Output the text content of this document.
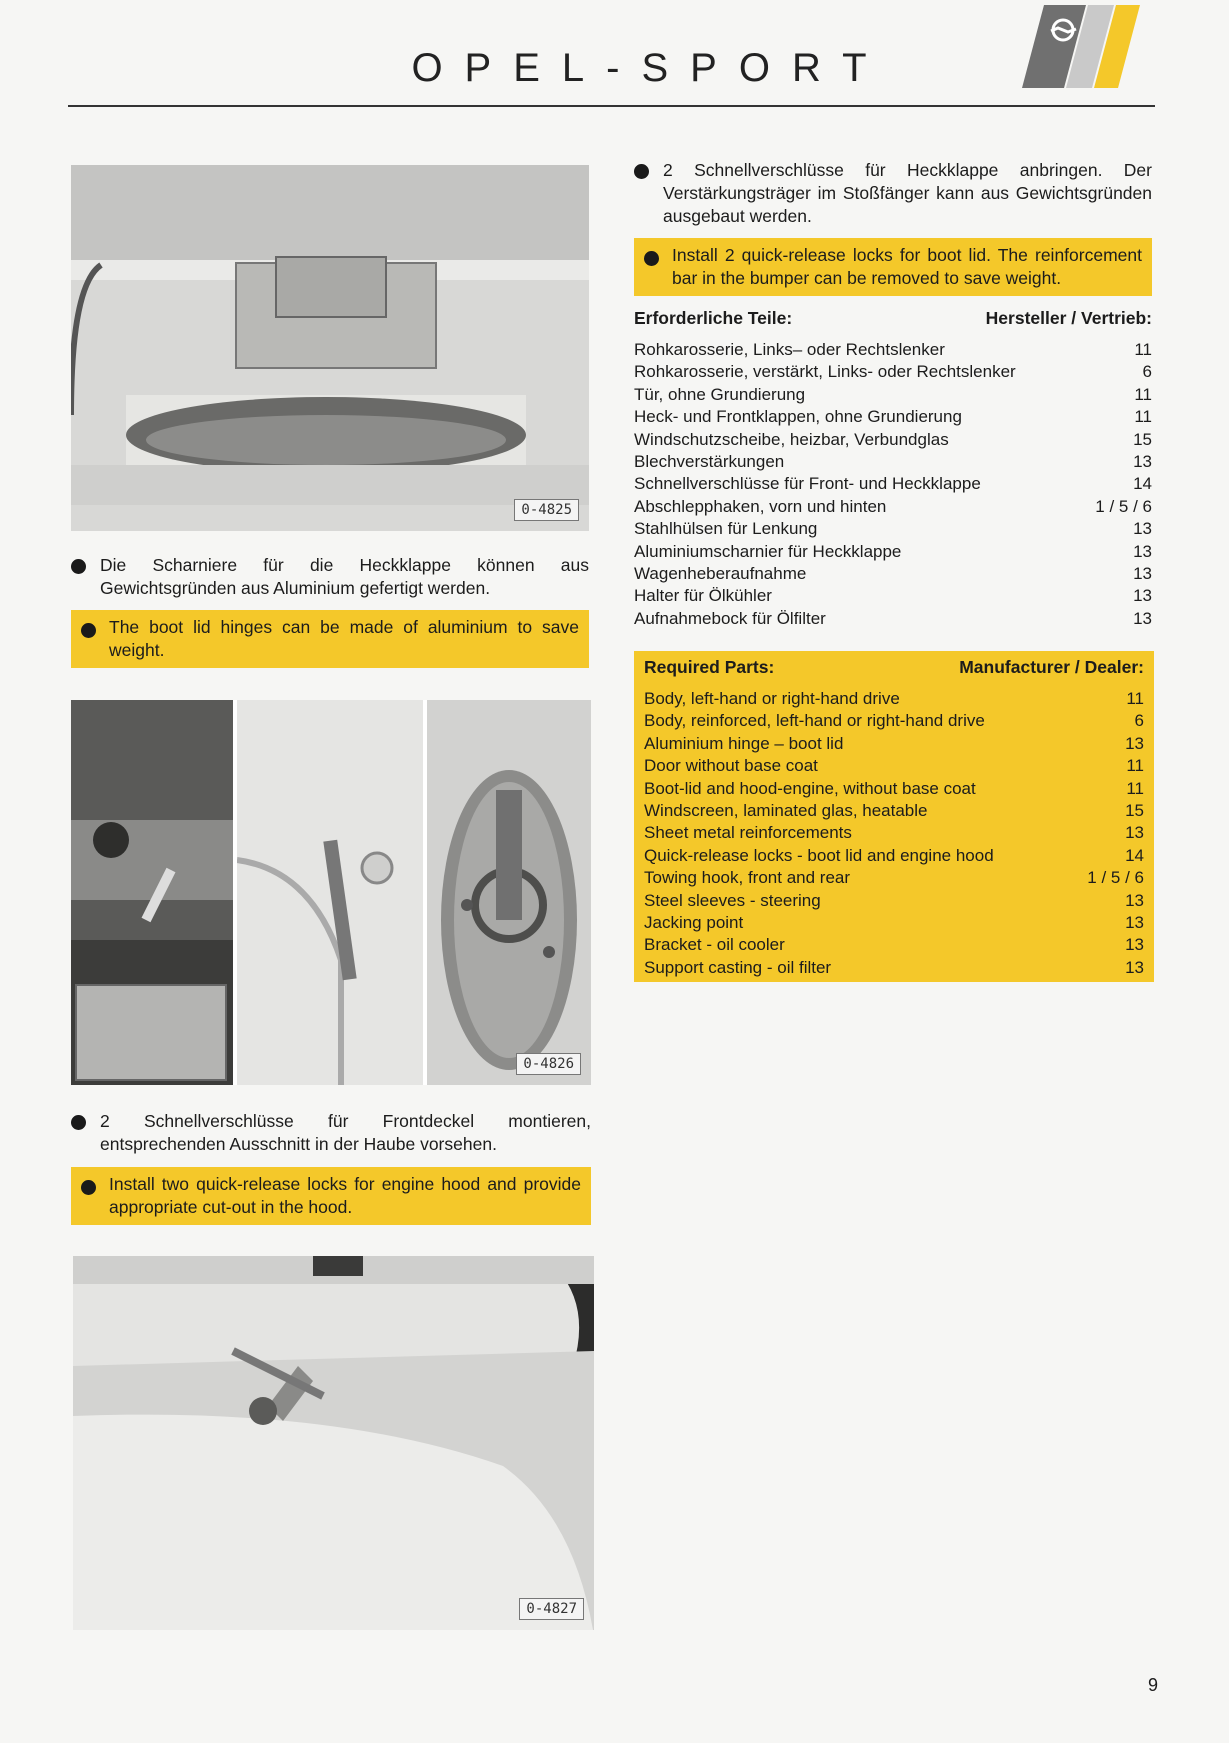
OPEL-SPORT
0-4825
Die Scharniere für die Heckklappe können aus Gewichtsgründen aus Aluminium gefertigt werden.
The boot lid hinges can be made of aluminium to save weight.
0-4826
2 Schnellverschlüsse für Frontdeckel montieren, entsprechenden Ausschnitt in der Haube vorsehen.
Install two quick-release locks for engine hood and provide appropriate cut-out in the hood.
0-4827
2 Schnellverschlüsse für Heckklappe anbringen. Der Verstärkungsträger im Stoßfänger kann aus Gewichtsgründen ausgebaut werden.
Install 2 quick-release locks for boot lid. The reinforcement bar in the bumper can be removed to save weight.
Erforderliche Teile:	Hersteller / Vertrieb:
Rohkarosserie, Links– oder Rechtslenker	11
Rohkarosserie, verstärkt, Links- oder Rechtslenker	6
Tür, ohne Grundierung	11
Heck- und Frontklappen, ohne Grundierung	11
Windschutzscheibe, heizbar, Verbundglas	15
Blechverstärkungen	13
Schnellverschlüsse für Front- und Heckklappe	14
Abschlepphaken, vorn und hinten	1 / 5 / 6
Stahlhülsen für Lenkung	13
Aluminiumscharnier für Heckklappe	13
Wagenheberaufnahme	13
Halter für Ölkühler	13
Aufnahmebock für Ölfilter	13
Required Parts:	Manufacturer / Dealer:
Body, left-hand or right-hand drive	11
Body, reinforced, left-hand or right-hand drive	6
Aluminium hinge – boot lid	13
Door without base coat	11
Boot-lid and hood-engine, without base coat	11
Windscreen, laminated glas, heatable	15
Sheet metal reinforcements	13
Quick-release locks - boot lid and engine hood	14
Towing hook, front and rear	1 / 5 / 6
Steel sleeves - steering	13
Jacking point	13
Bracket - oil cooler	13
Support casting - oil filter	13
9
